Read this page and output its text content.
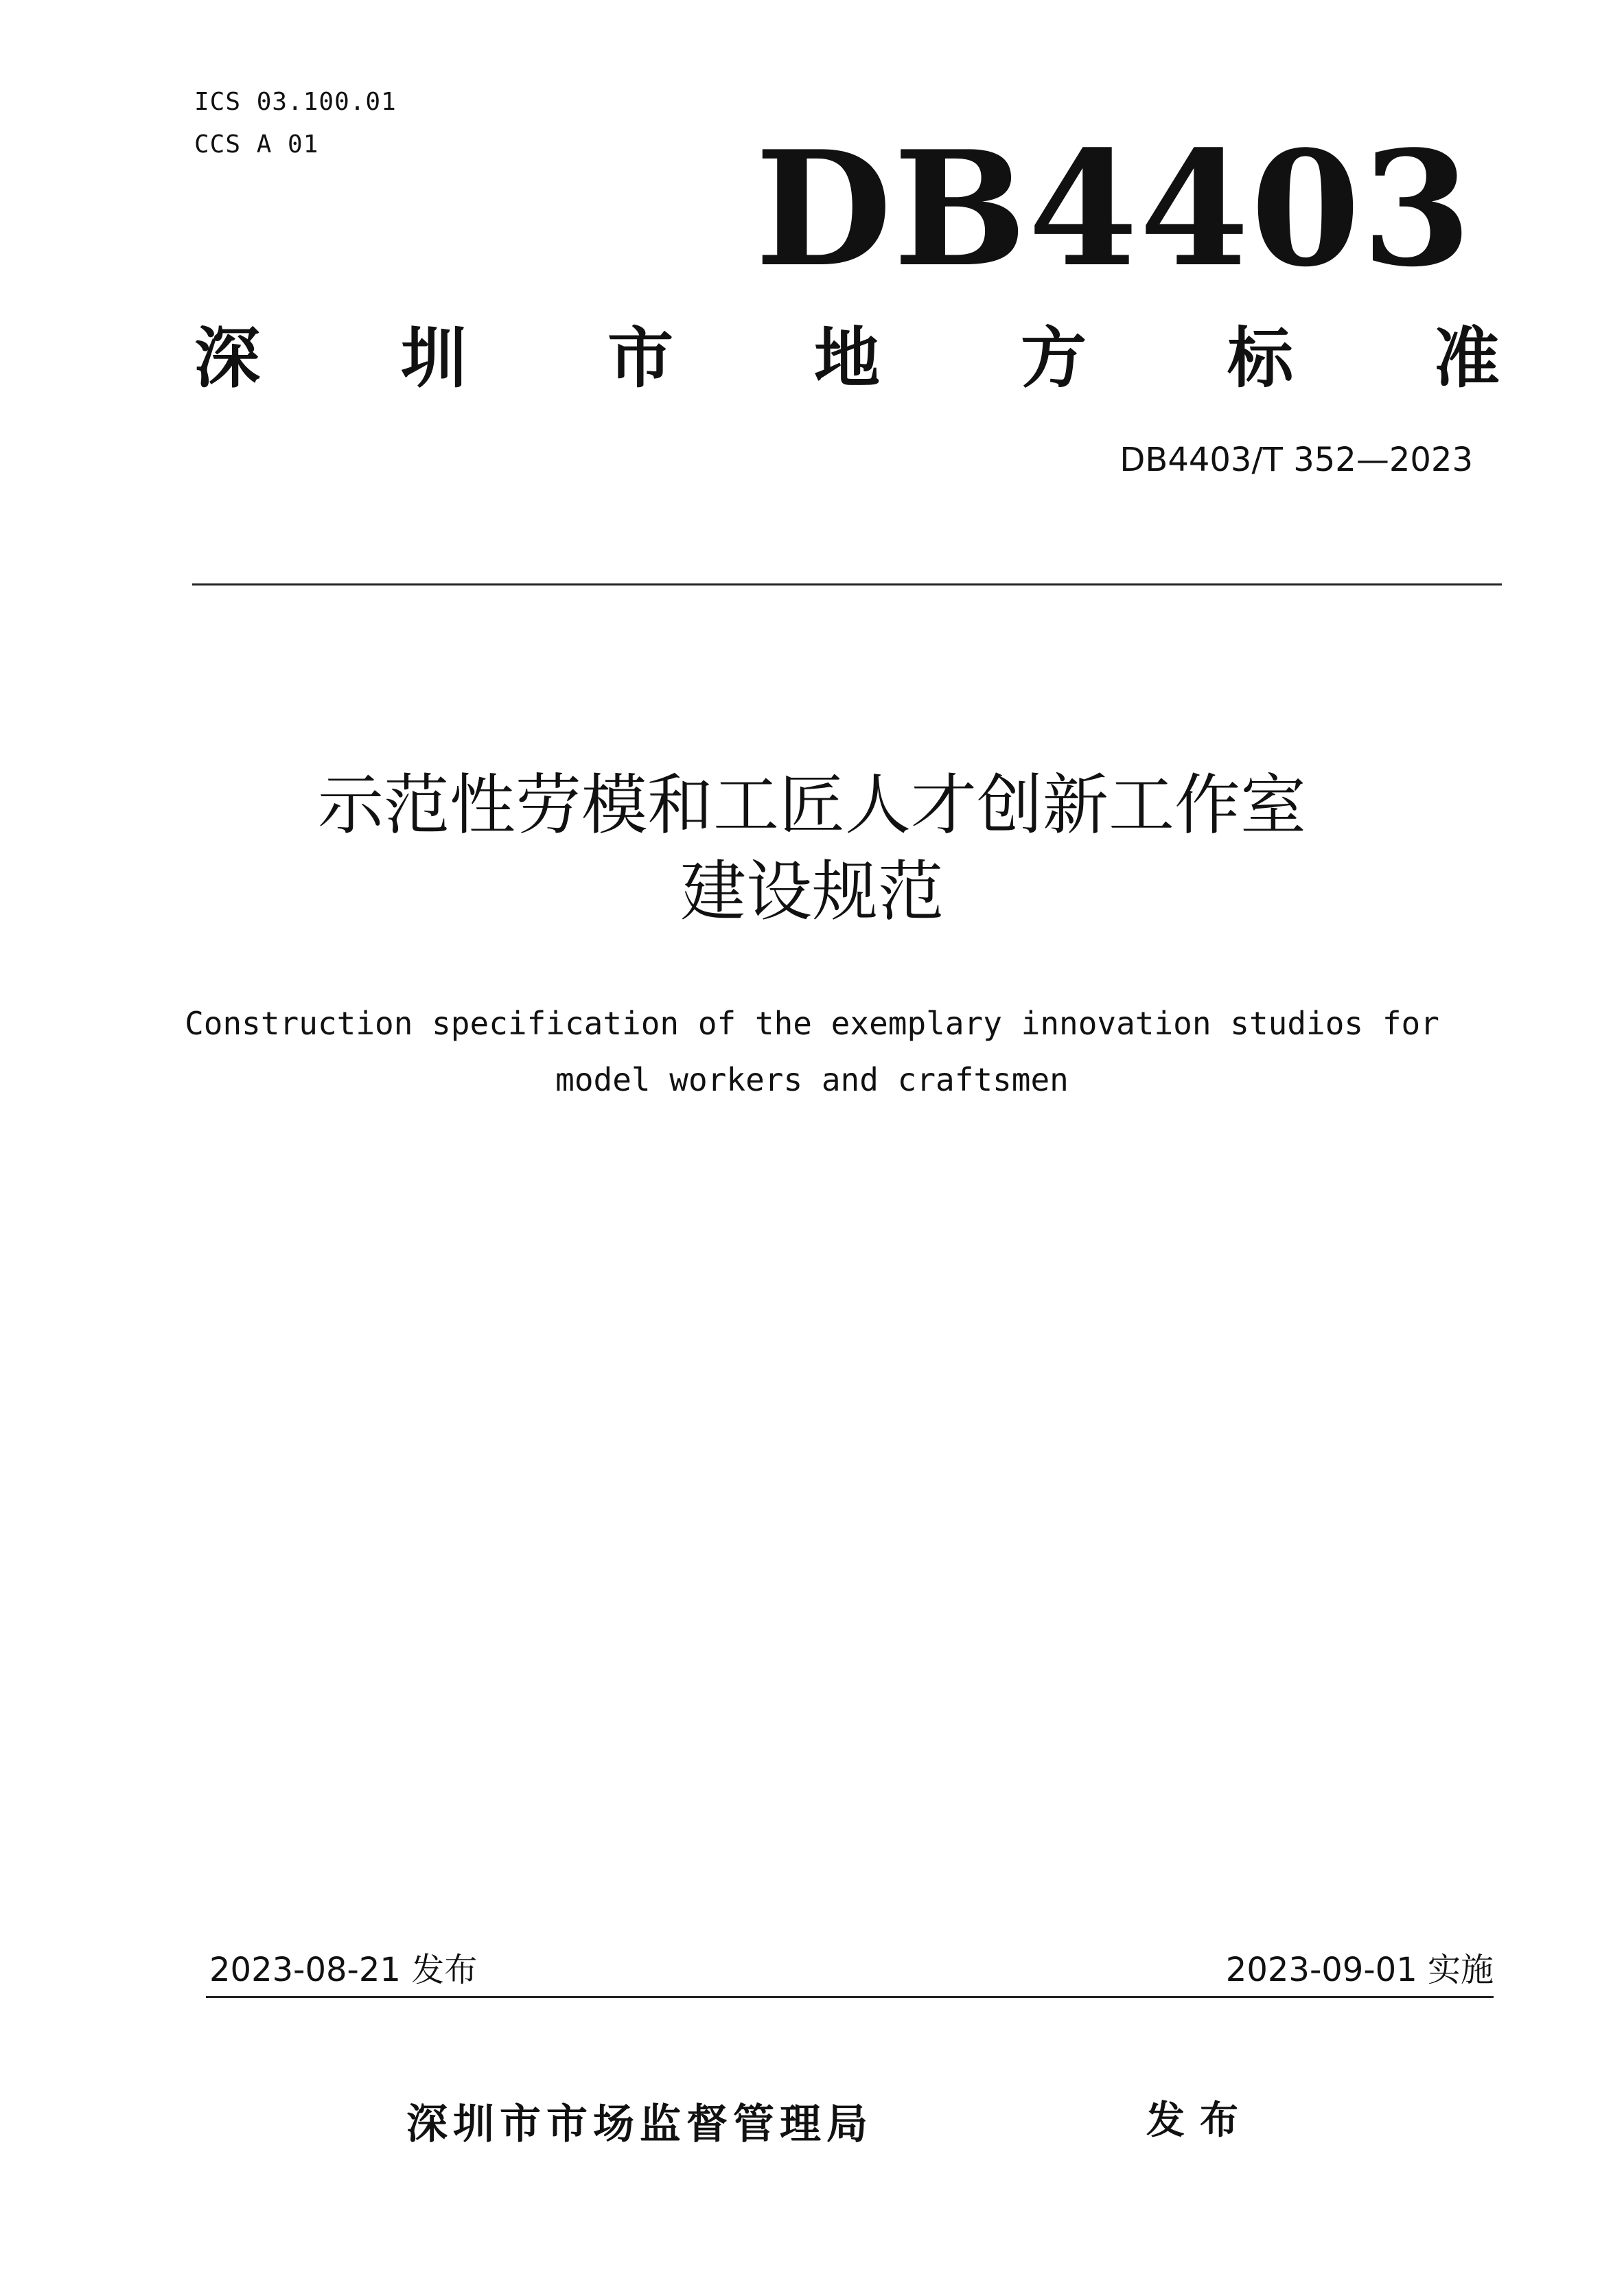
ICS 03.100.01
CCS A 01	DB4403
深 圳 市 地 方 标 准
DB4403/T 352—2023
示范性劳模和工匠人才创新工作室
建设规范
Construction specification of the exemplary innovation studios for model workers and craftsmen
2023-08-21 发布	2023-09-01 实施
深圳市市场监督管理局	发布
